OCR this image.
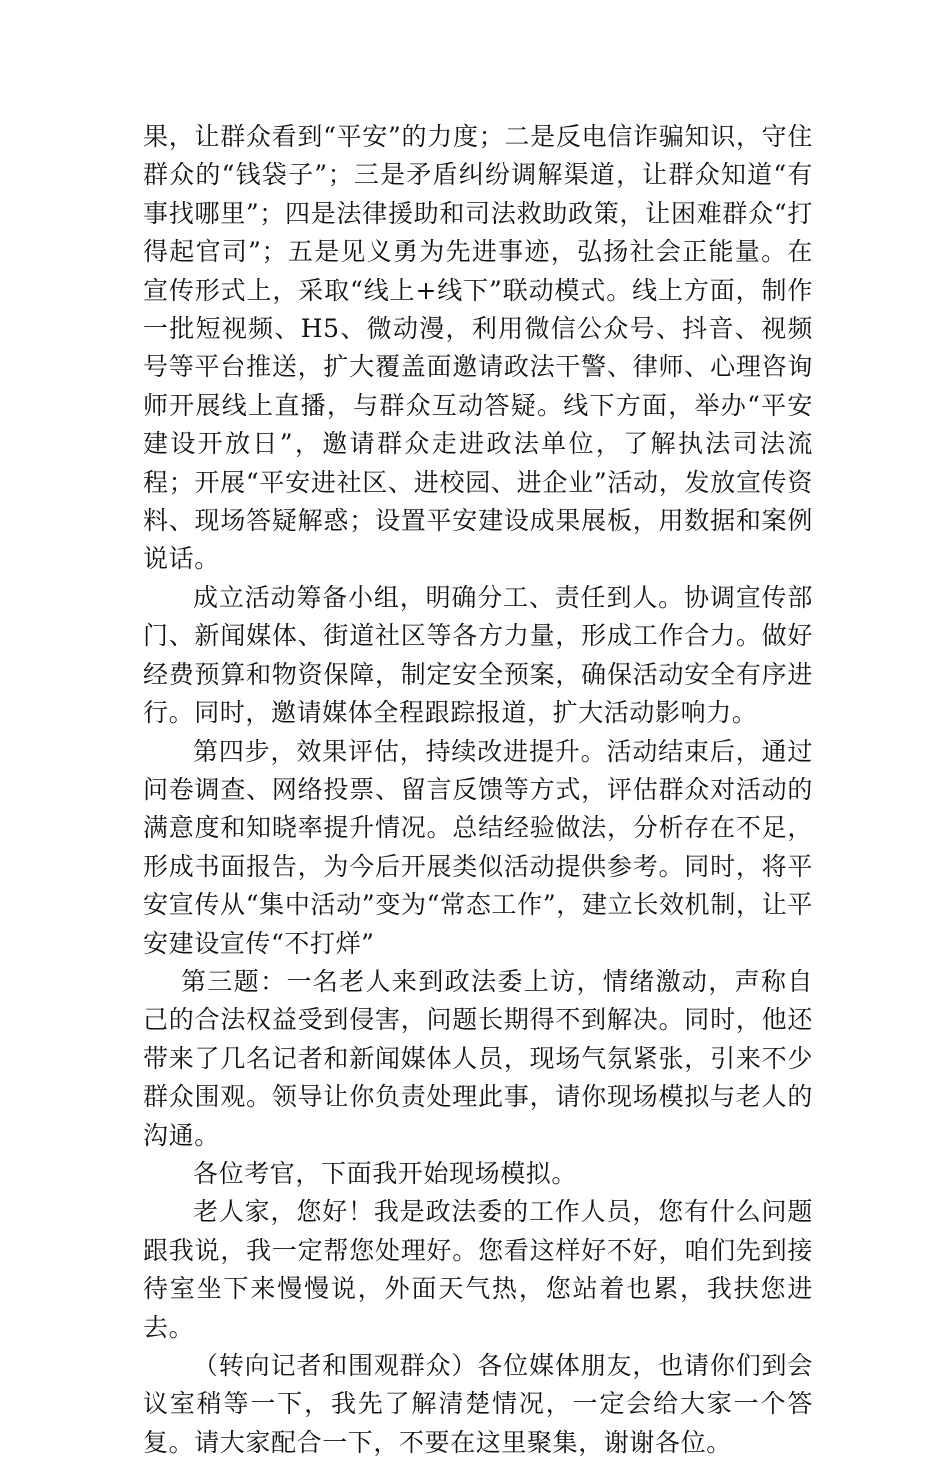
果，让群众看到“平安”的力度；二是反电信诈骗知识，守住群众的“钱袋子”；三是矛盾纠纷调解渠道，让群众知道“有事找哪里”；四是法律援助和司法救助政策，让困难群众“打得起官司”；五是见义勇为先进事迹，弘扬社会正能量。在宣传形式上，采取“线上+线下”联动模式。线上方面，制作一批短视频、H5、微动漫，利用微信公众号、抖音、视频号等平台推送，扩大覆盖面邀请政法干警、律师、心理咨询师开展线上直播，与群众互动答疑。线下方面，举办“平安建设开放日”，邀请群众走进政法单位，了解执法司法流程；开展“平安进社区、进校园、进企业”活动，发放宣传资料、现场答疑解惑；设置平安建设成果展板，用数据和案例说话。

成立活动筹备小组，明确分工、责任到人。协调宣传部门、新闻媒体、街道社区等各方力量，形成工作合力。做好经费预算和物资保障，制定安全预案，确保活动安全有序进行。同时，邀请媒体全程跟踪报道，扩大活动影响力。

第四步，效果评估，持续改进提升。活动结束后，通过问卷调查、网络投票、留言反馈等方式，评估群众对活动的满意度和知晓率提升情况。总结经验做法，分析存在不足，形成书面报告，为今后开展类似活动提供参考。同时，将平安宣传从“集中活动”变为“常态工作”，建立长效机制，让平安建设宣传“不打烊”

第三题：一名老人来到政法委上访，情绪激动，声称自己的合法权益受到侵害，问题长期得不到解决。同时，他还带来了几名记者和新闻媒体人员，现场气氛紧张，引来不少群众围观。领导让你负责处理此事，请你现场模拟与老人的沟通。

各位考官，下面我开始现场模拟。

老人家，您好！我是政法委的工作人员，您有什么问题跟我说，我一定帮您处理好。您看这样好不好，咱们先到接待室坐下来慢慢说，外面天气热，您站着也累，我扶您进去。

（转向记者和围观群众）各位媒体朋友，也请你们到会议室稍等一下，我先了解清楚情况，一定会给大家一个答复。请大家配合一下，不要在这里聚集，谢谢各位。
